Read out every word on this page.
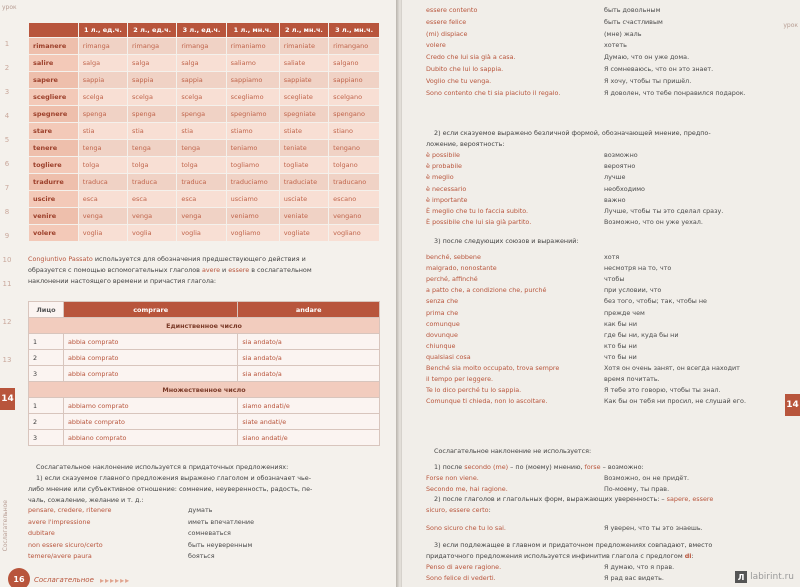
урок
1
2
3
4
5
6
7
8
9
10
11
12
13
14
Сослагательное
	1 л., ед.ч.	2 л., ед.ч.	3 л., ед.ч.	1 л., мн.ч.	2 л., мн.ч.	3 л., мн.ч.
rimanere	rimanga	rimanga	rimanga	rimaniamo	rimaniate	rimangano
salire	salga	salga	salga	saliamo	saliate	salgano
sapere	sappia	sappia	sappia	sappiamo	sappiate	sappiano
scegliere	scelga	scelga	scelga	scegliamo	scegliate	scelgano
spegnere	spenga	spenga	spenga	spegniamo	spegniate	spengano
stare	stia	stia	stia	stiamo	stiate	stiano
tenere	tenga	tenga	tenga	teniamo	teniate	tengano
togliere	tolga	tolga	tolga	togliamo	togliate	tolgano
tradurre	traduca	traduca	traduca	traduciamo	traduciate	traducano
uscire	esca	esca	esca	usciamo	usciate	escano
venire	venga	venga	venga	veniamo	veniate	vengano
volere	voglia	voglia	voglia	vogliamo	vogliate	vogliano
Congiuntivo Passato используется для обозначения предшествующего действия и
образуется с помощью вспомогательных глаголов avere и essere в сослагательном
наклонении настоящего времени и причастия глагола:
Лицо	comprare	andare
Единственное число		
1	abbia comprato	sia andato/a
2	abbia comprato	sia andato/a
3	abbia comprato	sia andato/a
Множественное число		
1	abbiamo comprato	siamo andati/e
2	abbiate comprato	siate andati/e
3	abbiano comprato	siano andati/e
Сослагательное наклонение используется в придаточных предложениях:
1) если сказуемое главного предложения выражено глаголом и обозначает чье-
либо мнение или субъективное отношение: сомнение, неуверенность, радость, пе-
чаль, сожаление, желание и т. д.:
pensare, credere, ritenere	думать
avere l'impressione	иметь впечатление
dubitare	сомневаться
non essere sicuro/certo	быть неуверенным
temere/avere paura	бояться
16	Сослагательное ▸▸▸▸▸▸
урок
14
essere contento	быть довольным
essere felice	быть счастливым
(mi) dispiace	(мне) жаль
volere	хотеть
Credo che lui sia già a casa.	Думаю, что он уже дома.
Dubito che lui lo sappia.	Я сомневаюсь, что он это знает.
Voglio che tu venga.	Я хочу, чтобы ты пришёл.
Sono contento che ti sia piaciuto il regalo.	Я доволен, что тебе понравился подарок.
2) если сказуемое выражено безличной формой, обозначающей мнение, предпо-
ложение, вероятность:
è possibile	возможно
è probabile	вероятно
è meglio	лучше
è necessario	необходимо
è importante	важно
È meglio che tu lo faccia subito.	Лучше, чтобы ты это сделал сразу.
È possibile che lui sia già partito.	Возможно, что он уже уехал.
3) после следующих союзов и выражений:
benché, sebbene	хотя
malgrado, nonostante	несмотря на то, что
perché, affinché	чтобы
a patto che, a condizione che, purché	при условии, что
senza che	без того, чтобы; так, чтобы не
prima che	прежде чем
comunque	как бы ни
dovunque	где бы ни, куда бы ни
chiunque	кто бы ни
qualsiasi cosa	что бы ни
Benché sia molto occupato, trova sempre	Хотя он очень занят, он всегда находит
il tempo per leggere.	время почитать.
Te lo dico perché tu lo sappia.	Я тебе это говорю, чтобы ты знал.
Comunque ti chieda, non lo ascoltare.	Как бы он тебя ни просил, не слушай его.
Сослагательное наклонение не используется:
1) после secondo (me) – по (моему) мнению, forse – возможно:
Forse non viene.	Возможно, он не придёт.
Secondo me, hai ragione.	По-моему, ты прав.
2) после глаголов и глагольных форм, выражающих уверенность: – sapere, essere
sicuro, essere certo:
Sono sicuro che tu lo sai.	Я уверен, что ты это знаешь.
3) если подлежащее в главном и придаточном предложениях совпадают, вместо
придаточного предложения используется инфинитив глагола с предлогом di:
Penso di avere ragione.	Я думаю, что я прав.
Sono felice di vederti.	Я рад вас видеть.	Л labirint.ru
